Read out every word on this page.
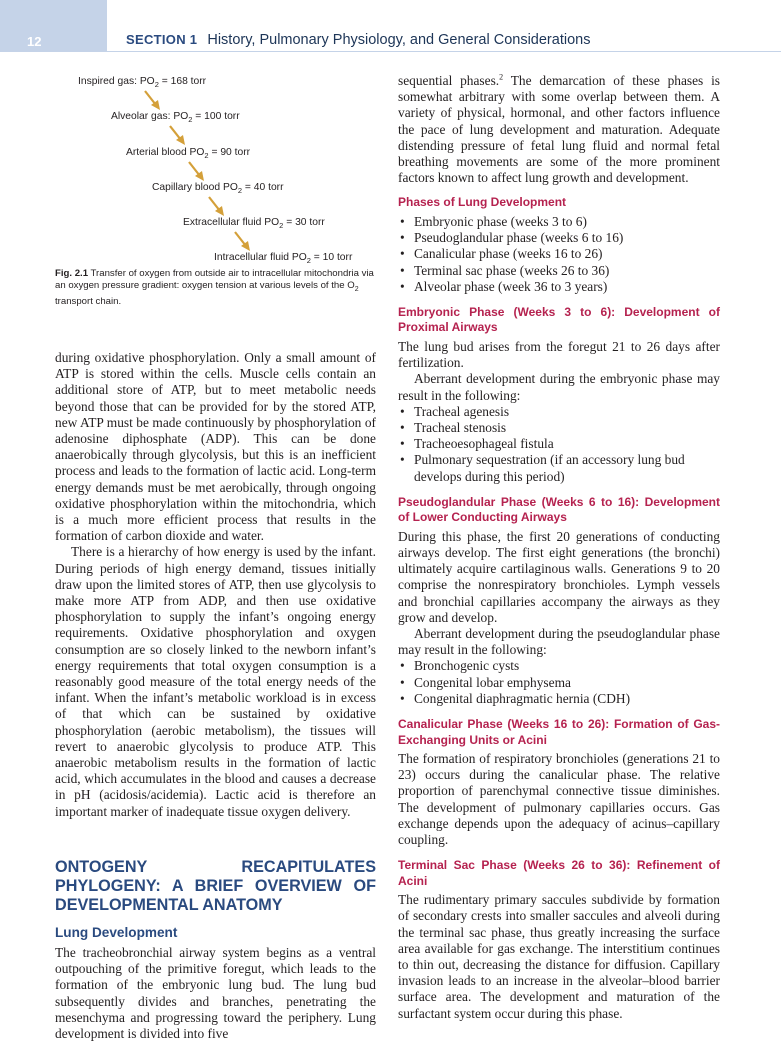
12	SECTION 1 History, Pulmonary Physiology, and General Considerations
Inspired gas: $PO_2 = 168$ torr
Alveolar gas: $PO_2 = 100$ torr
Arterial blood $PO_2 = 90$ torr
Capillary blood $PO_2 = 40$ torr
Extracellular fluid $PO_2 = 30$ torr
Intracellular fluid $PO_2 = 10$ torr
Fig. 2.1 Transfer of oxygen from outside air to intracellular mitochondria via an oxygen pressure gradient: oxygen tension at various levels of the $O_2$ transport chain.

during oxidative phosphorylation. Only a small amount of ATP is stored within the cells. Muscle cells contain an additional store of ATP, but to meet metabolic needs beyond those that can be provided for by the stored ATP, new ATP must be made continuously by phosphorylation of adenosine diphosphate (ADP). This can be done anaerobically through glycolysis, but this is an inefficient process and leads to the formation of lactic acid. Long-term energy demands must be met aerobically, through ongoing oxidative phosphorylation within the mitochondria, which is a much more efficient process that results in the formation of carbon dioxide and water.

There is a hierarchy of how energy is used by the infant. During periods of high energy demand, tissues initially draw upon the limited stores of ATP, then use glycolysis to make more ATP from ADP, and then use oxidative phosphorylation to supply the infant’s ongoing energy requirements. Oxidative phosphorylation and oxygen consumption are so closely linked to the newborn infant’s energy requirements that total oxygen consumption is a reasonably good measure of the total energy needs of the infant. When the infant’s metabolic workload is in excess of that which can be sustained by oxidative phosphorylation (aerobic metabolism), the tissues will revert to anaerobic glycolysis to produce ATP. This anaerobic metabolism results in the formation of lactic acid, which accumulates in the blood and causes a decrease in pH (acidosis/acidemia). Lactic acid is therefore an important marker of inadequate tissue oxygen delivery.

ONTOGENY RECAPITULATES PHYLOGENY: A BRIEF OVERVIEW OF DEVELOPMENTAL ANATOMY
Lung Development

The tracheobronchial airway system begins as a ventral outpouching of the primitive foregut, which leads to the formation of the embryonic lung bud. The lung bud subsequently divides and branches, penetrating the mesenchyma and progressing toward the periphery. Lung development is divided into five

sequential phases.$^2$ The demarcation of these phases is somewhat arbitrary with some overlap between them. A variety of physical, hormonal, and other factors influence the pace of lung development and maturation. Adequate distending pressure of fetal lung fluid and normal fetal breathing movements are some of the more prominent factors known to affect lung growth and development.

Phases of Lung Development
• Embryonic phase (weeks 3 to 6)
• Pseudoglandular phase (weeks 6 to 16)
• Canalicular phase (weeks 16 to 26)
• Terminal sac phase (weeks 26 to 36)
• Alveolar phase (week 36 to 3 years)
Embryonic Phase (Weeks 3 to 6): Development of Proximal Airways

The lung bud arises from the foregut 21 to 26 days after fertilization.

Aberrant development during the embryonic phase may result in the following:

• Tracheal agenesis
• Tracheal stenosis
• Tracheoesophageal fistula
• Pulmonary sequestration (if an accessory lung bud develops during this period)
Pseudoglandular Phase (Weeks 6 to 16): Development of Lower Conducting Airways

During this phase, the first 20 generations of conducting airways develop. The first eight generations (the bronchi) ultimately acquire cartilaginous walls. Generations 9 to 20 comprise the nonrespiratory bronchioles. Lymph vessels and bronchial capillaries accompany the airways as they grow and develop.

Aberrant development during the pseudoglandular phase may result in the following:

• Bronchogenic cysts
• Congenital lobar emphysema
• Congenital diaphragmatic hernia (CDH)
Canalicular Phase (Weeks 16 to 26): Formation of Gas-Exchanging Units or Acini

The formation of respiratory bronchioles (generations 21 to 23) occurs during the canalicular phase. The relative proportion of parenchymal connective tissue diminishes. The development of pulmonary capillaries occurs. Gas exchange depends upon the adequacy of acinus–capillary coupling.

Terminal Sac Phase (Weeks 26 to 36): Refinement of Acini

The rudimentary primary saccules subdivide by formation of secondary crests into smaller saccules and alveoli during the terminal sac phase, thus greatly increasing the surface area available for gas exchange. The interstitium continues to thin out, decreasing the distance for diffusion. Capillary invasion leads to an increase in the alveolar–blood barrier surface area. The development and maturation of the surfactant system occur during this phase.
